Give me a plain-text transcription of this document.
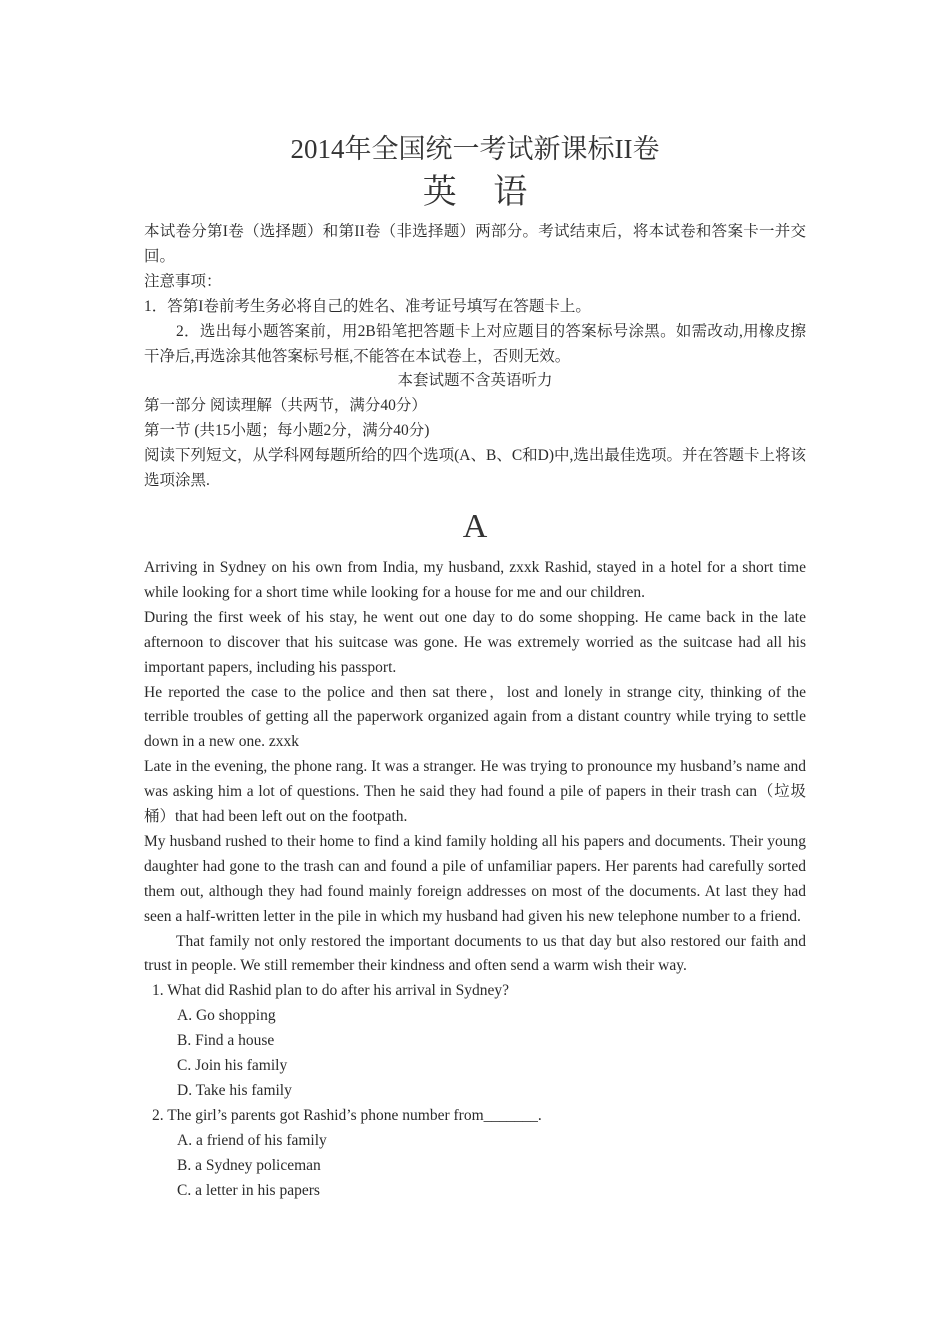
2014年全国统一考试新课标II卷
英 语

本试卷分第I卷（选择题）和第II卷（非选择题）两部分。考试结束后，将本试卷和答案卡一并交回。

注意事项：

1．答第I卷前考生务必将自己的姓名、准考证号填写在答题卡上。

2．选出每小题答案前，用2B铅笔把答题卡上对应题目的答案标号涂黑。如需改动,用橡皮擦干净后,再选涂其他答案标号框,不能答在本试卷上，否则无效。

本套试题不含英语听力

第一部分 阅读理解（共两节，满分40分）

第一节 (共15小题；每小题2分，满分40分)

阅读下列短文，从学科网每题所给的四个选项(A、B、C和D)中,选出最佳选项。并在答题卡上将该选项涂黑.

A

Arriving in Sydney on his own from India, my husband, zxxk Rashid, stayed in a hotel for a short time while looking for a short time while looking for a house for me and our children.

During the first week of his stay, he went out one day to do some shopping. He came back in the late afternoon to discover that his suitcase was gone. He was extremely worried as the suitcase had all his important papers, including his passport.

He reported the case to the police and then sat there，lost and lonely in strange city, thinking of the terrible troubles of getting all the paperwork organized again from a distant country while trying to settle down in a new one. zxxk

Late in the evening, the phone rang. It was a stranger. He was trying to pronounce my husband’s name and was asking him a lot of questions. Then he said they had found a pile of papers in their trash can（垃圾桶）that had been left out on the footpath.

My husband rushed to their home to find a kind family holding all his papers and documents. Their young daughter had gone to the trash can and found a pile of unfamiliar papers. Her parents had carefully sorted them out, although they had found mainly foreign addresses on most of the documents. At last they had seen a half-written letter in the pile in which my husband had given his new telephone number to a friend.

That family not only restored the important documents to us that day but also restored our faith and trust in people. We still remember their kindness and often send a warm wish their way.

1. What did Rashid plan to do after his arrival in Sydney?

A. Go shopping

B. Find a house

C. Join his family

D. Take his family

2. The girl’s parents got Rashid’s phone number from_______.

A. a friend of his family

B. a Sydney policeman

C. a letter in his papers
